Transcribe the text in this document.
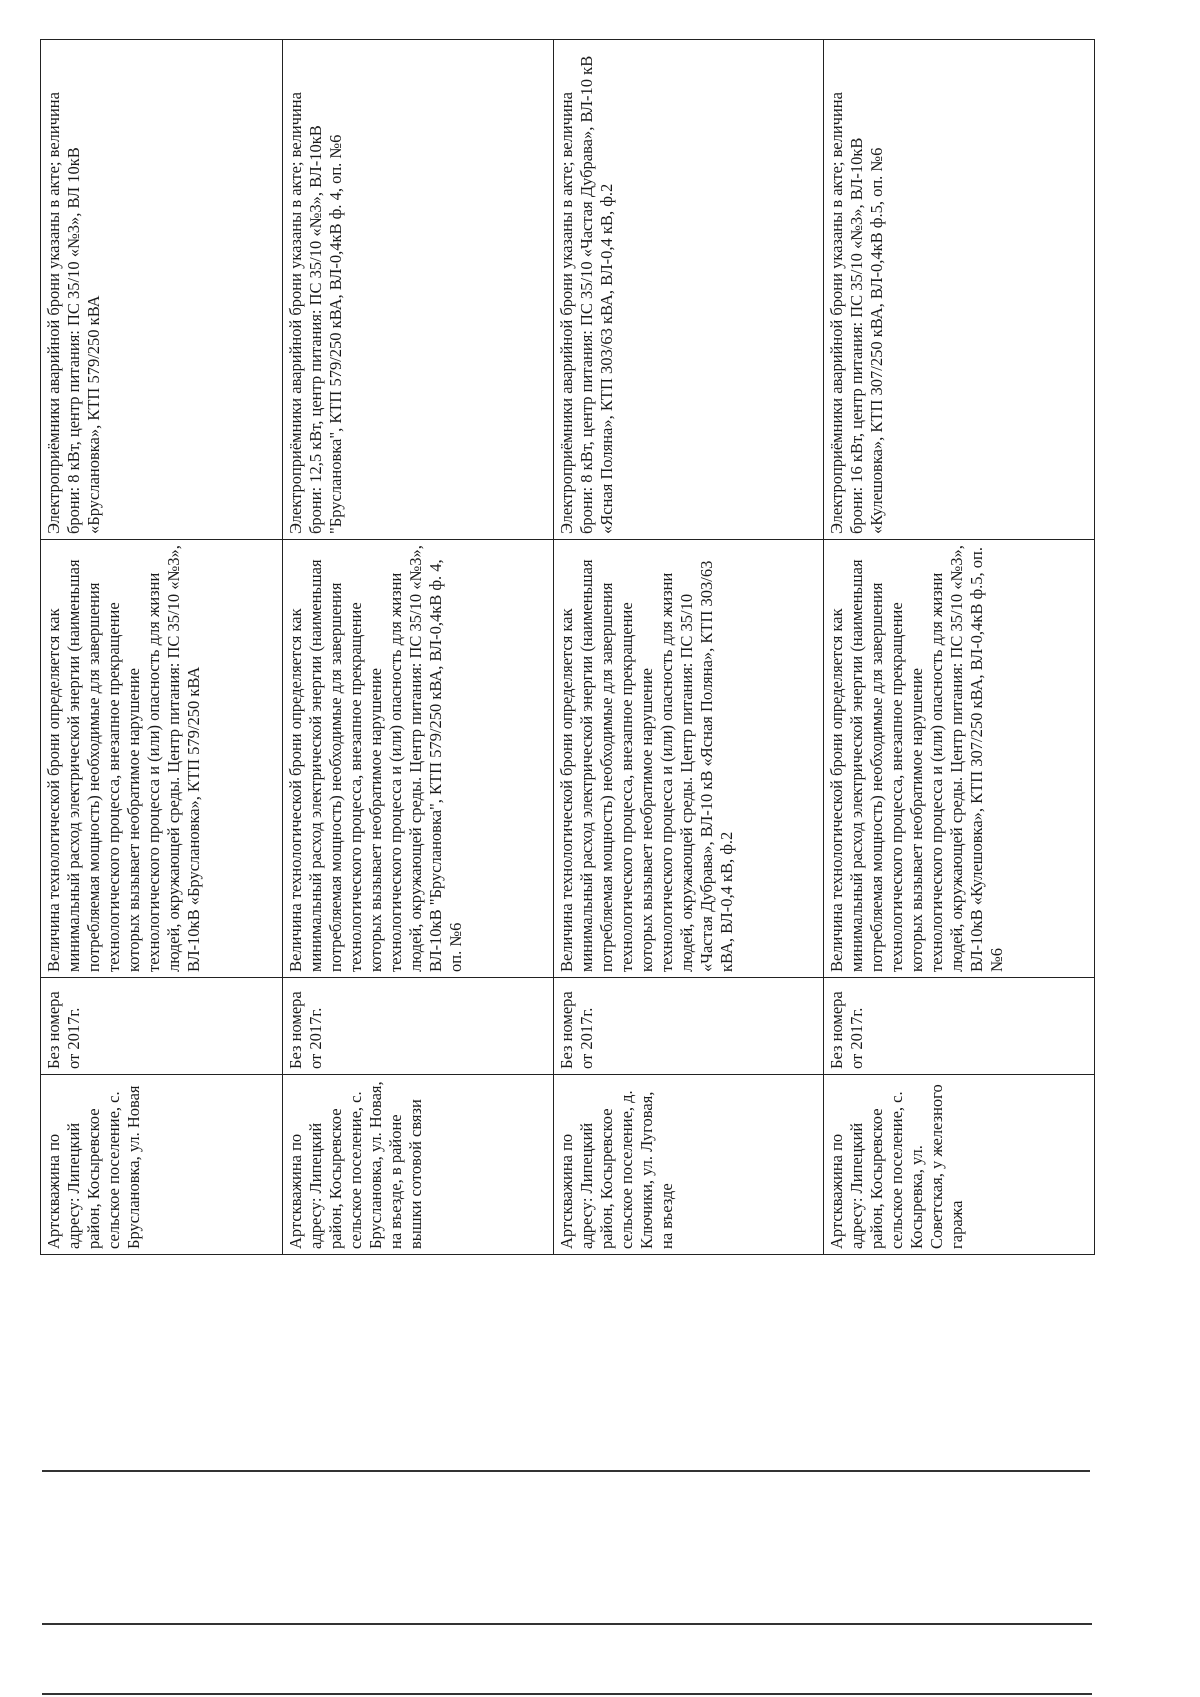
Артскважина по адресу: Липецкий район, Косыревское сельское поселение, с. Бруслановка, ул. Новая	Без номера от 2017г.	Величина технологической брони определяется как минимальный расход электрической энергии (наименьшая потребляемая мощность) необходимые для завершения технологического процесса, внезапное прекращение которых вызывает необратимое нарушение технологического процесса и (или) опасность для жизни людей, окружающей среды. Центр питания: ПС 35/10 «№3», ВЛ-10кВ «Бруслановка», КТП 579/250 кВА	Электроприёмники аварийной брони указаны в акте; величина брони: 8 кВт, центр питания: ПС 35/10 «№3», ВЛ 10кВ «Бруслановка», КТП 579/250 кВА
Артскважина по адресу: Липецкий район, Косыревское сельское поселение, с. Бруслановка, ул. Новая, на въезде, в районе вышки сотовой связи	Без номера от 2017г.	Величина технологической брони определяется как минимальный расход электрической энергии (наименьшая потребляемая мощность) необходимые для завершения технологического процесса, внезапное прекращение которых вызывает необратимое нарушение технологического процесса и (или) опасность для жизни людей, окружающей среды. Центр питания: ПС 35/10 «№3», ВЛ-10кВ "Бруслановка", КТП 579/250 кВА, ВЛ-0,4кВ ф. 4, оп. №6	Электроприёмники аварийной брони указаны в акте; величина брони: 12,5 кВт, центр питания: ПС 35/10 «№3», ВЛ-10кВ "Бруслановка", КТП 579/250 кВА, ВЛ-0,4кВ ф. 4, оп. №6
Артскважина по адресу: Липецкий район, Косыревское сельское поселение, д. Ключики, ул. Луговая, на въезде	Без номера от 2017г.	Величина технологической брони определяется как минимальный расход электрической энергии (наименьшая потребляемая мощность) необходимые для завершения технологического процесса, внезапное прекращение которых вызывает необратимое нарушение технологического процесса и (или) опасность для жизни людей, окружающей среды. Центр питания: ПС 35/10 «Частая Дубрава», ВЛ-10 кВ «Ясная Поляна», КТП 303/63 кВА, ВЛ-0,4 кВ, ф.2	Электроприёмники аварийной брони указаны в акте; величина брони: 8 кВт, центр питания: ПС 35/10 «Частая Дубрава», ВЛ-10 кВ «Ясная Поляна», КТП 303/63 кВА, ВЛ-0,4 кВ, ф.2
Артскважина по адресу: Липецкий район, Косыревское сельское поселение, с. Косыревка, ул. Советская, у железного гаража	Без номера от 2017г.	Величина технологической брони определяется как минимальный расход электрической энергии (наименьшая потребляемая мощность) необходимые для завершения технологического процесса, внезапное прекращение которых вызывает необратимое нарушение технологического процесса и (или) опасность для жизни людей, окружающей среды. Центр питания: ПС 35/10 «№3», ВЛ-10кВ «Кулешовка», КТП 307/250 кВА, ВЛ-0,4кВ ф.5, оп. №6	Электроприёмники аварийной брони указаны в акте; величина брони: 16 кВт, центр питания: ПС 35/10 «№3», ВЛ-10кВ «Кулешовка», КТП 307/250 кВА, ВЛ-0,4кВ ф.5, оп. №6
